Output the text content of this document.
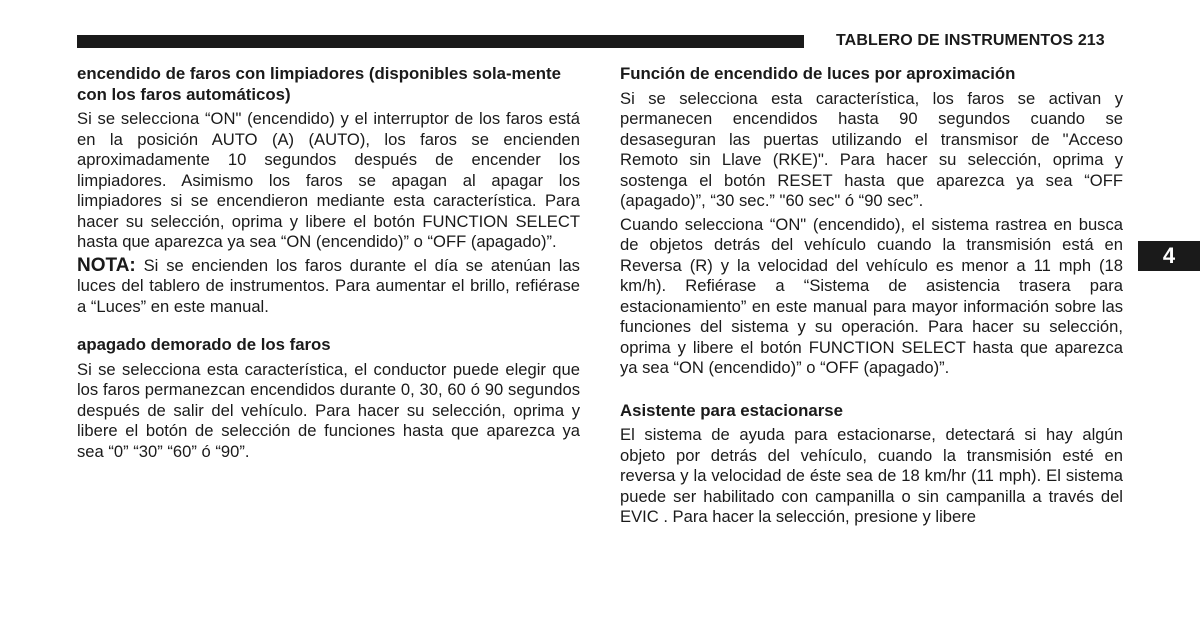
TABLERO DE INSTRUMENTOS 213
4
encendido de faros con limpiadores (disponibles sola-mente con los faros automáticos)

Si se selecciona “ON" (encendido) y el interruptor de los faros está en la posición AUTO (A) (AUTO), los faros se encienden aproximadamente 10 segundos después de encender los limpiadores. Asimismo los faros se apagan al apagar los limpiadores si se encendieron mediante esta característica. Para hacer su selección, oprima y libere el botón FUNCTION SELECT hasta que aparezca ya sea “ON (encendido)” o “OFF (apagado)”.

NOTA: Si se encienden los faros durante el día se atenúan las luces del tablero de instrumentos. Para aumentar el brillo, refiérase a “Luces” en este manual.

apagado demorado de los faros

Si se selecciona esta característica, el conductor puede elegir que los faros permanezcan encendidos durante 0, 30, 60 ó 90 segundos después de salir del vehículo. Para hacer su selección, oprima y libere el botón de selección de funciones hasta que aparezca ya sea “0” “30” “60” ó “90”.

Función de encendido de luces por aproximación

Si se selecciona esta característica, los faros se activan y permanecen encendidos hasta 90 segundos cuando se desaseguran las puertas utilizando el transmisor de "Acceso Remoto sin Llave (RKE)". Para hacer su selección, oprima y sostenga el botón RESET hasta que aparezca ya sea “OFF (apagado)”, “30 sec.” "60 sec" ó “90 sec”.

Cuando selecciona “ON" (encendido), el sistema rastrea en busca de objetos detrás del vehículo cuando la transmisión está en Reversa (R) y la velocidad del vehículo es menor a 11 mph (18 km/h). Refiérase a “Sistema de asistencia trasera para estacionamiento” en este manual para mayor información sobre las funciones del sistema y su operación. Para hacer su selección, oprima y libere el botón FUNCTION SELECT hasta que aparezca ya sea “ON (encendido)” o “OFF (apagado)”.

Asistente para estacionarse

El sistema de ayuda para estacionarse, detectará si hay algún objeto por detrás del vehículo, cuando la transmisión esté en reversa y la velocidad de éste sea de 18 km/hr (11 mph). El sistema puede ser habilitado con campanilla o sin campanilla a través del EVIC . Para hacer la selección, presione y libere
